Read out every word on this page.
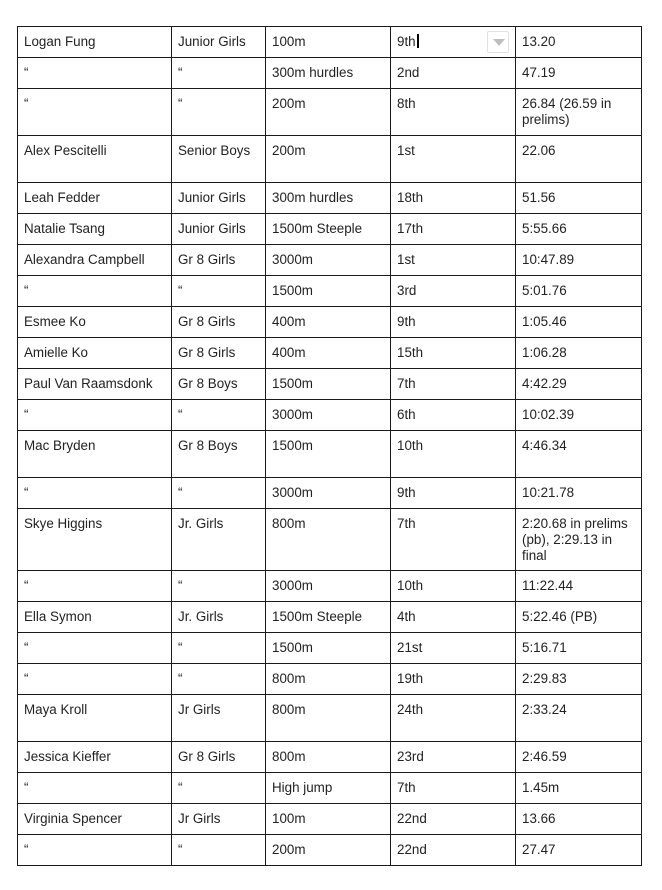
Logan Fung	Junior Girls	100m	9th	13.20
“	“	300m hurdles	2nd	47.19
“	“	200m	8th	26.84 (26.59 in prelims)
Alex Pescitelli	Senior Boys	200m	1st	22.06
Leah Fedder	Junior Girls	300m hurdles	18th	51.56
Natalie Tsang	Junior Girls	1500m Steeple	17th	5:55.66
Alexandra Campbell	Gr 8 Girls	3000m	1st	10:47.89
“	“	1500m	3rd	5:01.76
Esmee Ko	Gr 8 Girls	400m	9th	1:05.46
Amielle Ko	Gr 8 Girls	400m	15th	1:06.28
Paul Van Raamsdonk	Gr 8 Boys	1500m	7th	4:42.29
“	“	3000m	6th	10:02.39
Mac Bryden	Gr 8 Boys	1500m	10th	4:46.34
“	“	3000m	9th	10:21.78
Skye Higgins	Jr. Girls	800m	7th	2:20.68 in prelims (pb), 2:29.13 in final
“	“	3000m	10th	11:22.44
Ella Symon	Jr. Girls	1500m Steeple	4th	5:22.46 (PB)
“	“	1500m	21st	5:16.71
“	“	800m	19th	2:29.83
Maya Kroll	Jr Girls	800m	24th	2:33.24
Jessica Kieffer	Gr 8 Girls	800m	23rd	2:46.59
“	“	High jump	7th	1.45m
Virginia Spencer	Jr Girls	100m	22nd	13.66
“	“	200m	22nd	27.47
